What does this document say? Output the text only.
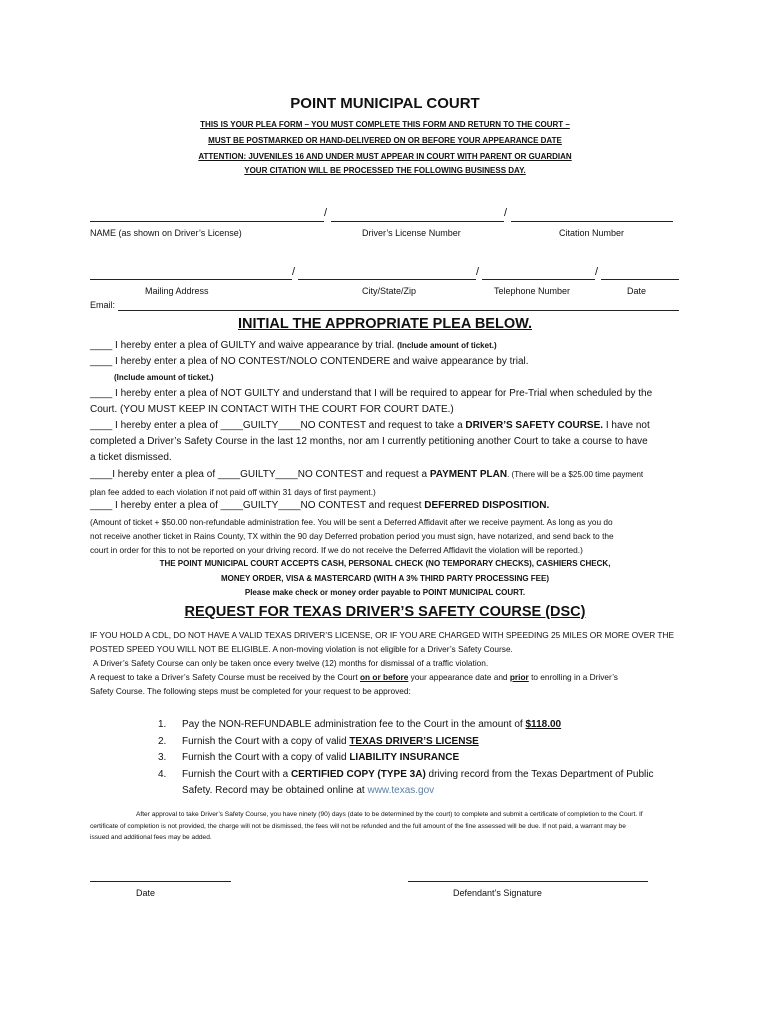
POINT MUNICIPAL COURT
THIS IS YOUR PLEA FORM – YOU MUST COMPLETE THIS FORM AND RETURN TO THE COURT –
MUST BE POSTMARKED OR HAND-DELIVERED ON OR BEFORE YOUR APPEARANCE DATE
ATTENTION: JUVENILES 16 AND UNDER MUST APPEAR IN COURT WITH PARENT OR GUARDIAN
YOUR CITATION WILL BE PROCESSED THE FOLLOWING BUSINESS DAY.
/	/
NAME (as shown on Driver’s License)	Driver’s License Number	Citation Number
/	/	/
Mailing Address	City/State/Zip	Telephone Number	Date
Email:
INITIAL THE APPROPRIATE PLEA BELOW.
____ I hereby enter a plea of GUILTY and waive appearance by trial. (Include amount of ticket.)
____ I hereby enter a plea of NO CONTEST/NOLO CONTENDERE and waive appearance by trial.
(Include amount of ticket.)
____ I hereby enter a plea of NOT GUILTY and understand that I will be required to appear for Pre-Trial when scheduled by the
Court. (YOU MUST KEEP IN CONTACT WITH THE COURT FOR COURT DATE.)
____ I hereby enter a plea of ____GUILTY____NO CONTEST and request to take a DRIVER’S SAFETY COURSE. I have not
completed a Driver’s Safety Course in the last 12 months, nor am I currently petitioning another Court to take a course to have
a ticket dismissed.
____I hereby enter a plea of ____GUILTY____NO CONTEST and request a PAYMENT PLAN. (There will be a $25.00 time payment
plan fee added to each violation if not paid off within 31 days of first payment.)
____ I hereby enter a plea of ____GUILTY____NO CONTEST and request DEFERRED DISPOSITION.
(Amount of ticket + $50.00 non-refundable administration fee. You will be sent a Deferred Affidavit after we receive payment. As long as you do
not receive another ticket in Rains County, TX within the 90 day Deferred probation period you must sign, have notarized, and send back to the
court in order for this to not be reported on your driving record. If we do not receive the Deferred Affidavit the violation will be reported.)
THE POINT MUNICIPAL COURT ACCEPTS CASH, PERSONAL CHECK (NO TEMPORARY CHECKS), CASHIERS CHECK,
MONEY ORDER, VISA & MASTERCARD (WITH A 3% THIRD PARTY PROCESSING FEE)
Please make check or money order payable to POINT MUNICIPAL COURT.
REQUEST FOR TEXAS DRIVER’S SAFETY COURSE (DSC)
IF YOU HOLD A CDL, DO NOT HAVE A VALID TEXAS DRIVER’S LICENSE, OR IF YOU ARE CHARGED WITH SPEEDING 25 MILES OR MORE OVER THE
POSTED SPEED YOU WILL NOT BE ELIGIBLE. A non-moving violation is not eligible for a Driver’s Safety Course.
A Driver’s Safety Course can only be taken once every twelve (12) months for dismissal of a traffic violation.
A request to take a Driver’s Safety Course must be received by the Court on or before your appearance date and prior to enrolling in a Driver’s
Safety Course. The following steps must be completed for your request to be approved:
1. Pay the NON-REFUNDABLE administration fee to the Court in the amount of $118.00
2. Furnish the Court with a copy of valid TEXAS DRIVER’S LICENSE
3. Furnish the Court with a copy of valid LIABILITY INSURANCE
4. Furnish the Court with a CERTIFIED COPY (TYPE 3A) driving record from the Texas Department of Public
Safety. Record may be obtained online at www.texas.gov
After approval to take Driver’s Safety Course, you have ninety (90) days (date to be determined by the court) to complete and submit a certificate of completion to the Court. If
certificate of completion is not provided, the charge will not be dismissed, the fees will not be refunded and the full amount of the fine assessed will be due. If not paid, a warrant may be
issued and additional fees may be added.
Date	Defendant’s Signature
